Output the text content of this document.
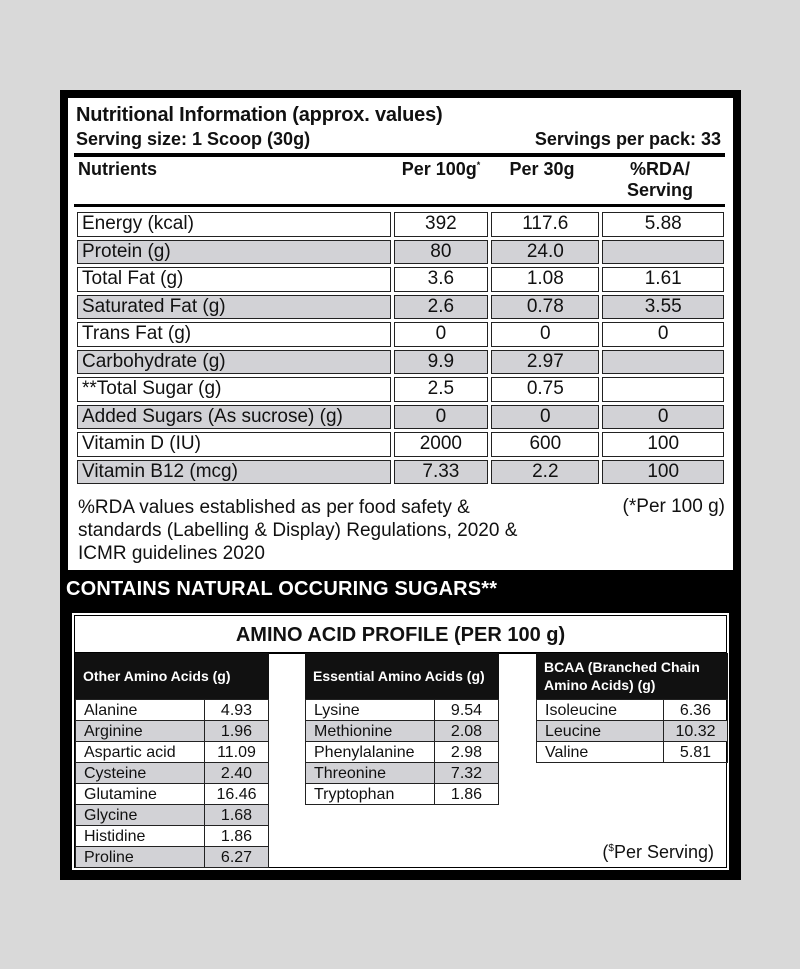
Nutritional Information (approx. values)
Serving size: 1 Scoop (30g)	Servings per pack: 33
Nutrients	Per 100g*	Per 30g	%RDA/
Serving
Energy (kcal)	392	117.6	5.88
Protein (g)	80	24.0	
Total Fat (g)	3.6	1.08	1.61
Saturated Fat (g)	2.6	0.78	3.55
Trans Fat (g)	0	0	0
Carbohydrate (g)	9.9	2.97	
**Total Sugar (g)	2.5	0.75	
Added Sugars (As sucrose) (g)	0	0	0
Vitamin D (IU)	2000	600	100
Vitamin B12 (mcg)	7.33	2.2	100
%RDA values established as per food safety & standards (Labelling & Display) Regulations, 2020 & ICMR guidelines 2020
(*Per 100 g)
CONTAINS NATURAL OCCURING SUGARS**
AMINO ACID PROFILE (PER 100 g)
Other Amino Acids (g)
Alanine	4.93
Arginine	1.96
Aspartic acid	11.09
Cysteine	2.40
Glutamine	16.46
Glycine	1.68
Histidine	1.86
Proline	6.27
Essential Amino Acids (g)
Lysine	9.54
Methionine	2.08
Phenylalanine	2.98
Threonine	7.32
Tryptophan	1.86
BCAA (Branched Chain
Amino Acids) (g)
Isoleucine	6.36
Leucine	10.32
Valine	5.81
($Per Serving)
